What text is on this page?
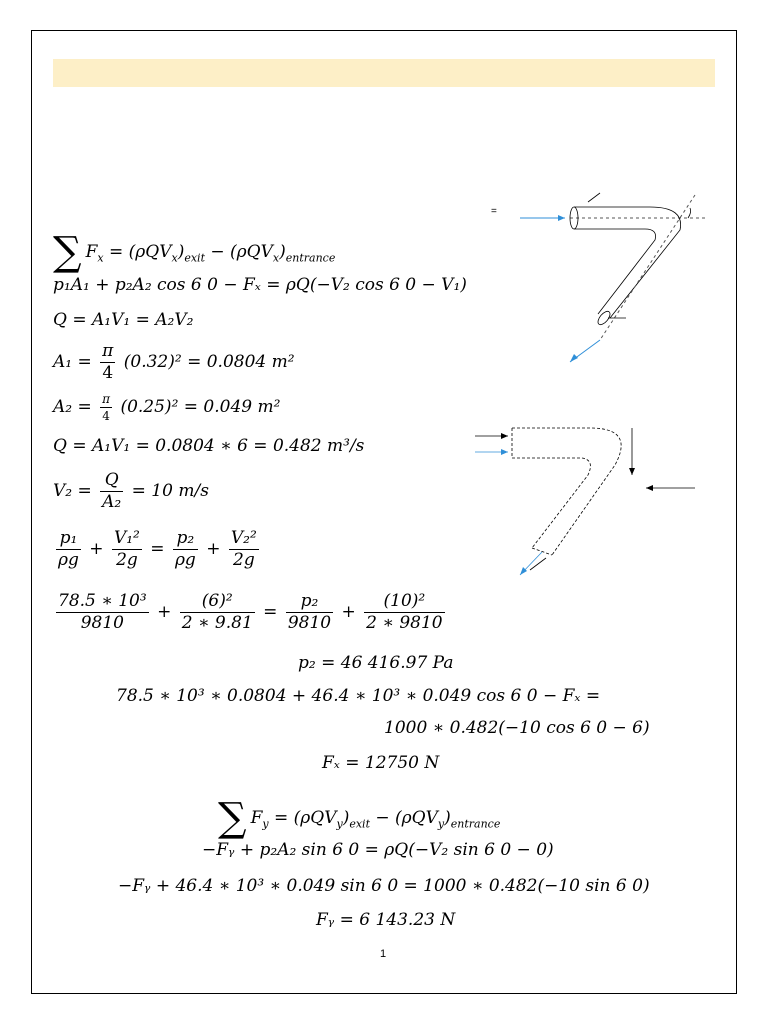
=
∑ $F_x = (\rho QV_x)_{exit} - (\rho QV_x)_{entrance}$
p₁A₁ + p₂A₂ cos 6 0 − Fₓ = ρQ(−V₂ cos 6 0 − V₁)
Q = A₁V₁ = A₂V₂
$A_1 = \frac{\pi}{4} (0.32)^2 = 0.0804$ m²
$A_2 = \frac{\pi}{4} (0.25)^2 = 0.049$ m²
Q = A₁V₁ = 0.0804 ∗ 6 = 0.482 m³/s
$V_2 = \frac{Q}{\text{A₂}} = 10$ m/s
$\frac{\text{p₁}}{\rho g} + \frac{\text{V₁²}}{2g} = \frac{\text{p₂}}{\rho g} + \frac{\text{V₂²}}{2g}$
$\frac{\text{78.5 ∗ 10³}}{9810} + \frac{\text{(6)²}}{2 ∗ 9.81} = \frac{\text{p₂}}{9810} + \frac{\text{(10)²}}{2 ∗ 9810}$
p₂ = 46 416.97 Pa
78.5 ∗ 10³ ∗ 0.0804 + 46.4 ∗ 10³ ∗ 0.049 cos 6 0 − Fₓ =
1000 ∗ 0.482(−10 cos 6 0 − 6)
Fₓ = 12750 N
∑ $F_y = (\rho QV_y)_{exit} - (\rho QV_y)_{entrance}$
−Fᵧ + p₂A₂ sin 6 0 = ρQ(−V₂ sin 6 0 − 0)
−Fᵧ + 46.4 ∗ 10³ ∗ 0.049 sin 6 0 = 1000 ∗ 0.482(−10 sin 6 0)
Fᵧ = 6 143.23 N
1
